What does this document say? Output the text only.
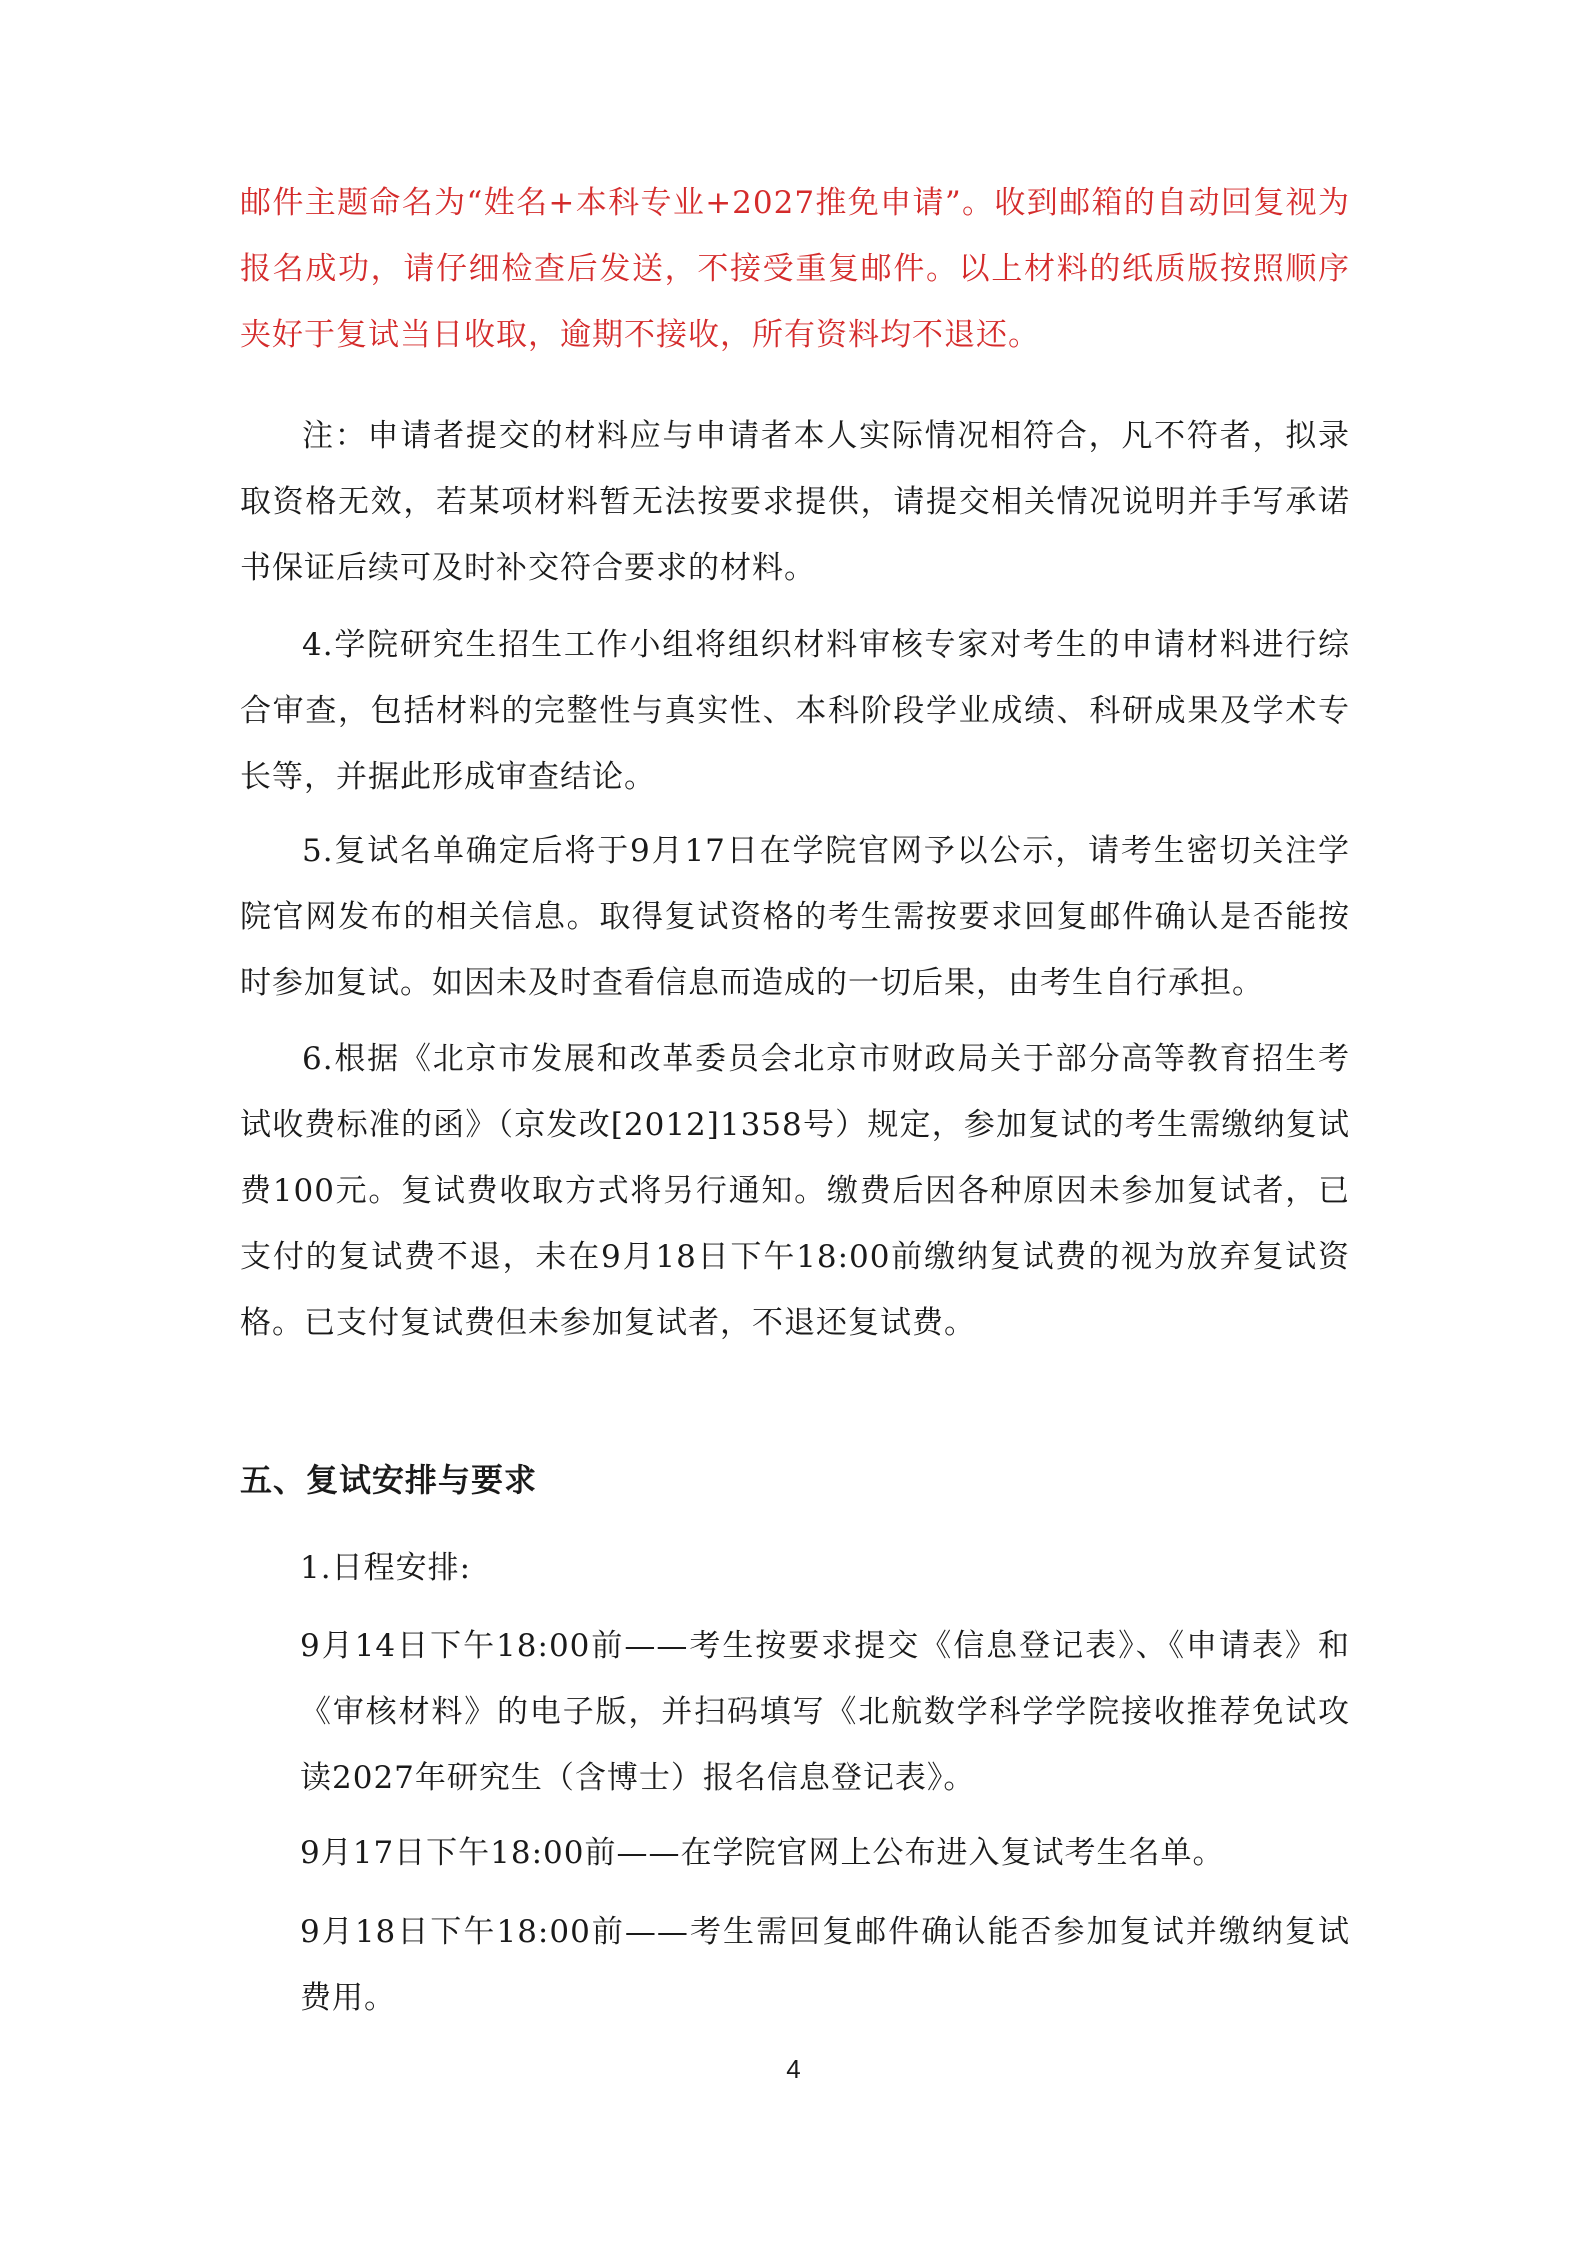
邮件主题命名为“姓名+本科专业+2027推免申请”。收到邮箱的自动回复视为报名成功，请仔细检查后发送，不接受重复邮件。以上材料的纸质版按照顺序夹好于复试当日收取，逾期不接收，所有资料均不退还。

注：申请者提交的材料应与申请者本人实际情况相符合，凡不符者，拟录取资格无效，若某项材料暂无法按要求提供，请提交相关情况说明并手写承诺书保证后续可及时补交符合要求的材料。

4.学院研究生招生工作小组将组织材料审核专家对考生的申请材料进行综合审查，包括材料的完整性与真实性、本科阶段学业成绩、科研成果及学术专长等，并据此形成审查结论。

5.复试名单确定后将于9月17日在学院官网予以公示，请考生密切关注学院官网发布的相关信息。取得复试资格的考生需按要求回复邮件确认是否能按时参加复试。如因未及时查看信息而造成的一切后果，由考生自行承担。

6.根据《北京市发展和改革委员会北京市财政局关于部分高等教育招生考试收费标准的函》（京发改[2012]1358号）规定，参加复试的考生需缴纳复试费100元。复试费收取方式将另行通知。缴费后因各种原因未参加复试者，已支付的复试费不退，未在9月18日下午18:00前缴纳复试费的视为放弃复试资格。已支付复试费但未参加复试者，不退还复试费。

五、复试安排与要求

1.日程安排:

9月14日下午18:00前——考生按要求提交《信息登记表》、《申请表》和《审核材料》的电子版，并扫码填写《北航数学科学学院接收推荐免试攻读2027年研究生（含博士）报名信息登记表》。

9月17日下午18:00前——在学院官网上公布进入复试考生名单。

9月18日下午18:00前——考生需回复邮件确认能否参加复试并缴纳复试费用。

4
